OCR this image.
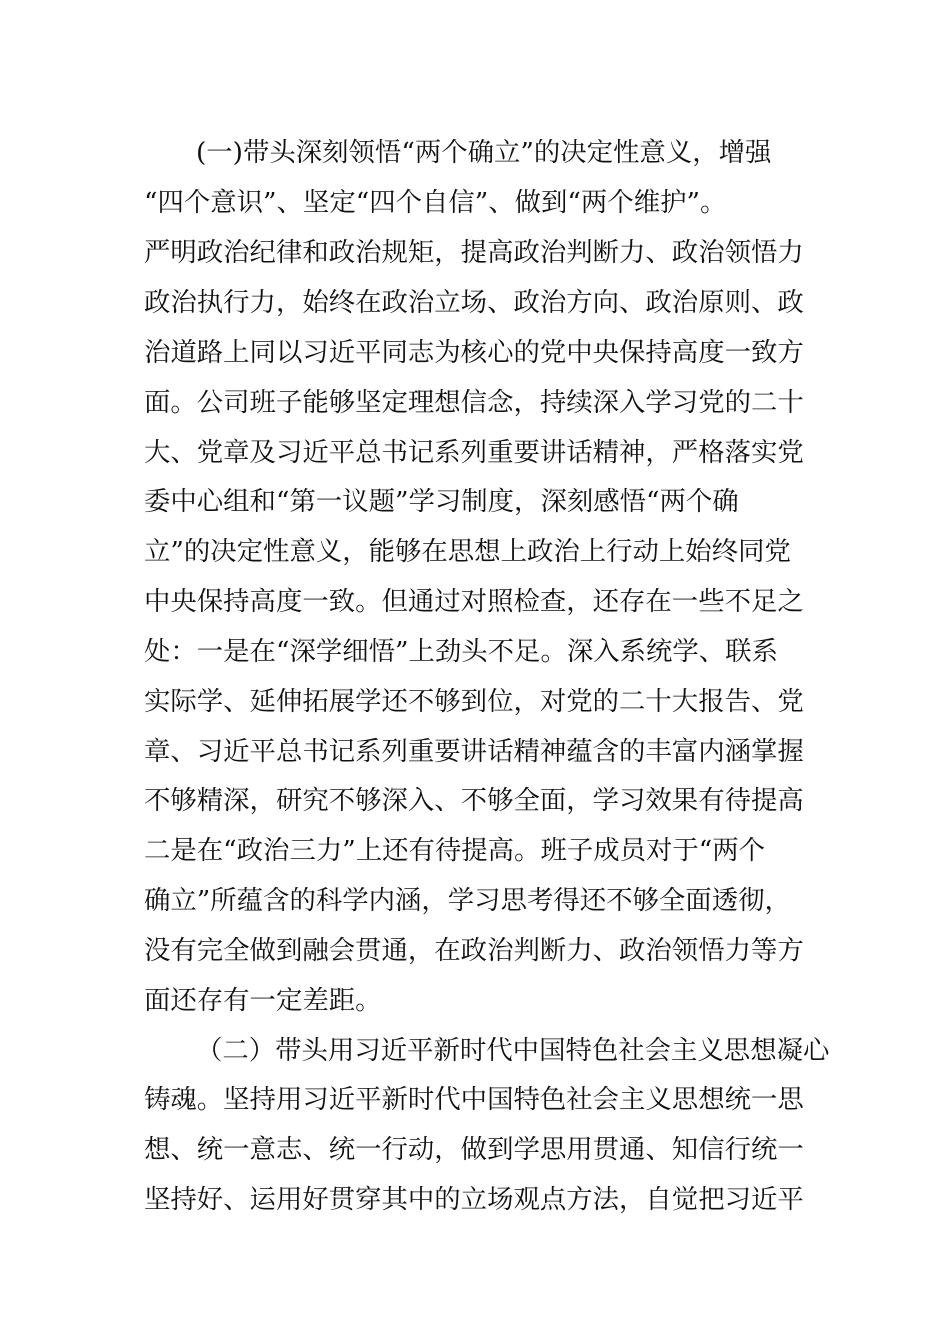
(一)带头深刻领悟“两个确立”的决定性意义，增强
“四个意识”、坚定“四个自信”、做到“两个维护”。
严明政治纪律和政治规矩，提高政治判断力、政治领悟力
政治执行力，始终在政治立场、政治方向、政治原则、政
治道路上同以习近平同志为核心的党中央保持高度一致方
面。公司班子能够坚定理想信念，持续深入学习党的二十
大、党章及习近平总书记系列重要讲话精神，严格落实党
委中心组和“第一议题”学习制度，深刻感悟“两个确
立”的决定性意义，能够在思想上政治上行动上始终同党
中央保持高度一致。但通过对照检查，还存在一些不足之
处：一是在“深学细悟”上劲头不足。深入系统学、联系
实际学、延伸拓展学还不够到位，对党的二十大报告、党
章、习近平总书记系列重要讲话精神蕴含的丰富内涵掌握
不够精深，研究不够深入、不够全面，学习效果有待提高
二是在“政治三力”上还有待提高。班子成员对于“两个
确立”所蕴含的科学内涵，学习思考得还不够全面透彻，
没有完全做到融会贯通，在政治判断力、政治领悟力等方
面还存有一定差距。
（二）带头用习近平新时代中国特色社会主义思想凝心
铸魂。坚持用习近平新时代中国特色社会主义思想统一思
想、统一意志、统一行动，做到学思用贯通、知信行统一
坚持好、运用好贯穿其中的立场观点方法，自觉把习近平
